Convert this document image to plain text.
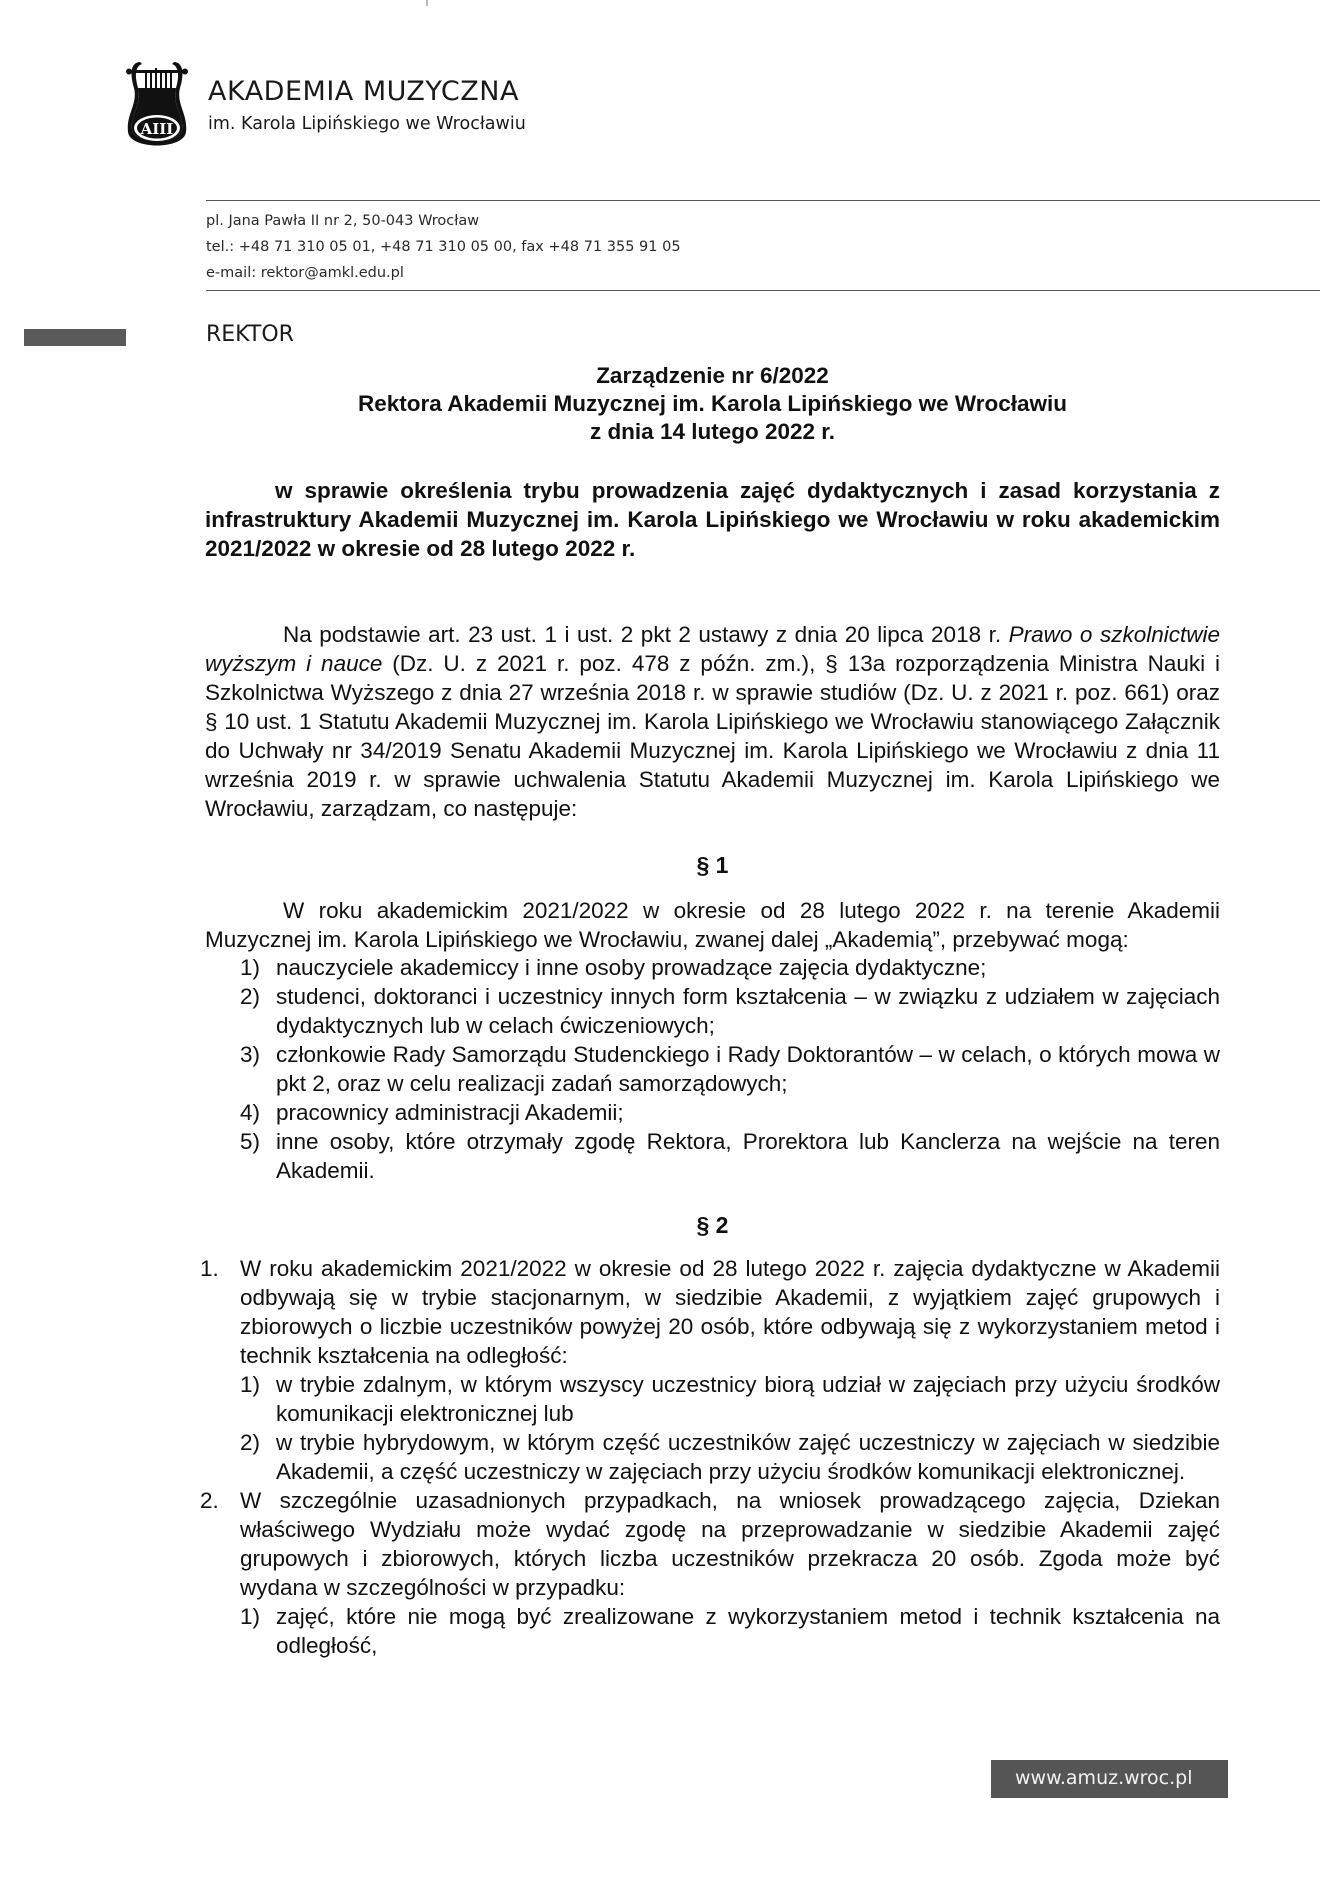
AIII
AKADEMIA MUZYCZNA
im. Karola Lipińskiego we Wrocławiu
pl. Jana Pawła II nr 2, 50-043 Wrocław
tel.: +48 71 310 05 01, +48 71 310 05 00, fax +48 71 355 91 05
e-mail: rektor@amkl.edu.pl
REKTOR
Zarządzenie nr 6/2022
Rektora Akademii Muzycznej im. Karola Lipińskiego we Wrocławiu
z dnia 14 lutego 2022 r.
w sprawie określenia trybu prowadzenia zajęć dydaktycznych i zasad korzystania z infrastruktury Akademii Muzycznej im. Karola Lipińskiego we Wrocławiu w roku akademickim 2021/2022 w okresie od 28 lutego 2022 r.
Na podstawie art. 23 ust. 1 i ust. 2 pkt 2 ustawy z dnia 20 lipca 2018 r. Prawo o szkolnictwie wyższym i nauce (Dz. U. z 2021 r. poz. 478 z późn. zm.), § 13a rozporządzenia Ministra Nauki i Szkolnictwa Wyższego z dnia 27 września 2018 r. w sprawie studiów (Dz. U. z 2021 r. poz. 661) oraz § 10 ust. 1 Statutu Akademii Muzycznej im. Karola Lipińskiego we Wrocławiu stanowiącego Załącznik do Uchwały nr 34/2019 Senatu Akademii Muzycznej im. Karola Lipińskiego we Wrocławiu z dnia 11 września 2019 r. w sprawie uchwalenia Statutu Akademii Muzycznej im. Karola Lipińskiego we Wrocławiu, zarządzam, co następuje:
§ 1
W roku akademickim 2021/2022 w okresie od 28 lutego 2022 r. na terenie Akademii Muzycznej im. Karola Lipińskiego we Wrocławiu, zwanej dalej „Akademią”, przebywać mogą:
1) nauczyciele akademiccy i inne osoby prowadzące zajęcia dydaktyczne;
2) studenci, doktoranci i uczestnicy innych form kształcenia – w związku z udziałem w zajęciach dydaktycznych lub w celach ćwiczeniowych;
3) członkowie Rady Samorządu Studenckiego i Rady Doktorantów – w celach, o których mowa w pkt 2, oraz w celu realizacji zadań samorządowych;
4) pracownicy administracji Akademii;
5) inne osoby, które otrzymały zgodę Rektora, Prorektora lub Kanclerza na wejście na teren Akademii.
§ 2
1. W roku akademickim 2021/2022 w okresie od 28 lutego 2022 r. zajęcia dydaktyczne w Akademii odbywają się w trybie stacjonarnym, w siedzibie Akademii, z wyjątkiem zajęć grupowych i zbiorowych o liczbie uczestników powyżej 20 osób, które odbywają się z wykorzystaniem metod i technik kształcenia na odległość:
1) w trybie zdalnym, w którym wszyscy uczestnicy biorą udział w zajęciach przy użyciu środków komunikacji elektronicznej lub
2) w trybie hybrydowym, w którym część uczestników zajęć uczestniczy w zajęciach w siedzibie Akademii, a część uczestniczy w zajęciach przy użyciu środków komunikacji elektronicznej.
2. W szczególnie uzasadnionych przypadkach, na wniosek prowadzącego zajęcia, Dziekan właściwego Wydziału może wydać zgodę na przeprowadzanie w siedzibie Akademii zajęć grupowych i zbiorowych, których liczba uczestników przekracza 20 osób. Zgoda może być wydana w szczególności w przypadku:
1) zajęć, które nie mogą być zrealizowane z wykorzystaniem metod i technik kształcenia na odległość,
www.amuz.wroc.pl
